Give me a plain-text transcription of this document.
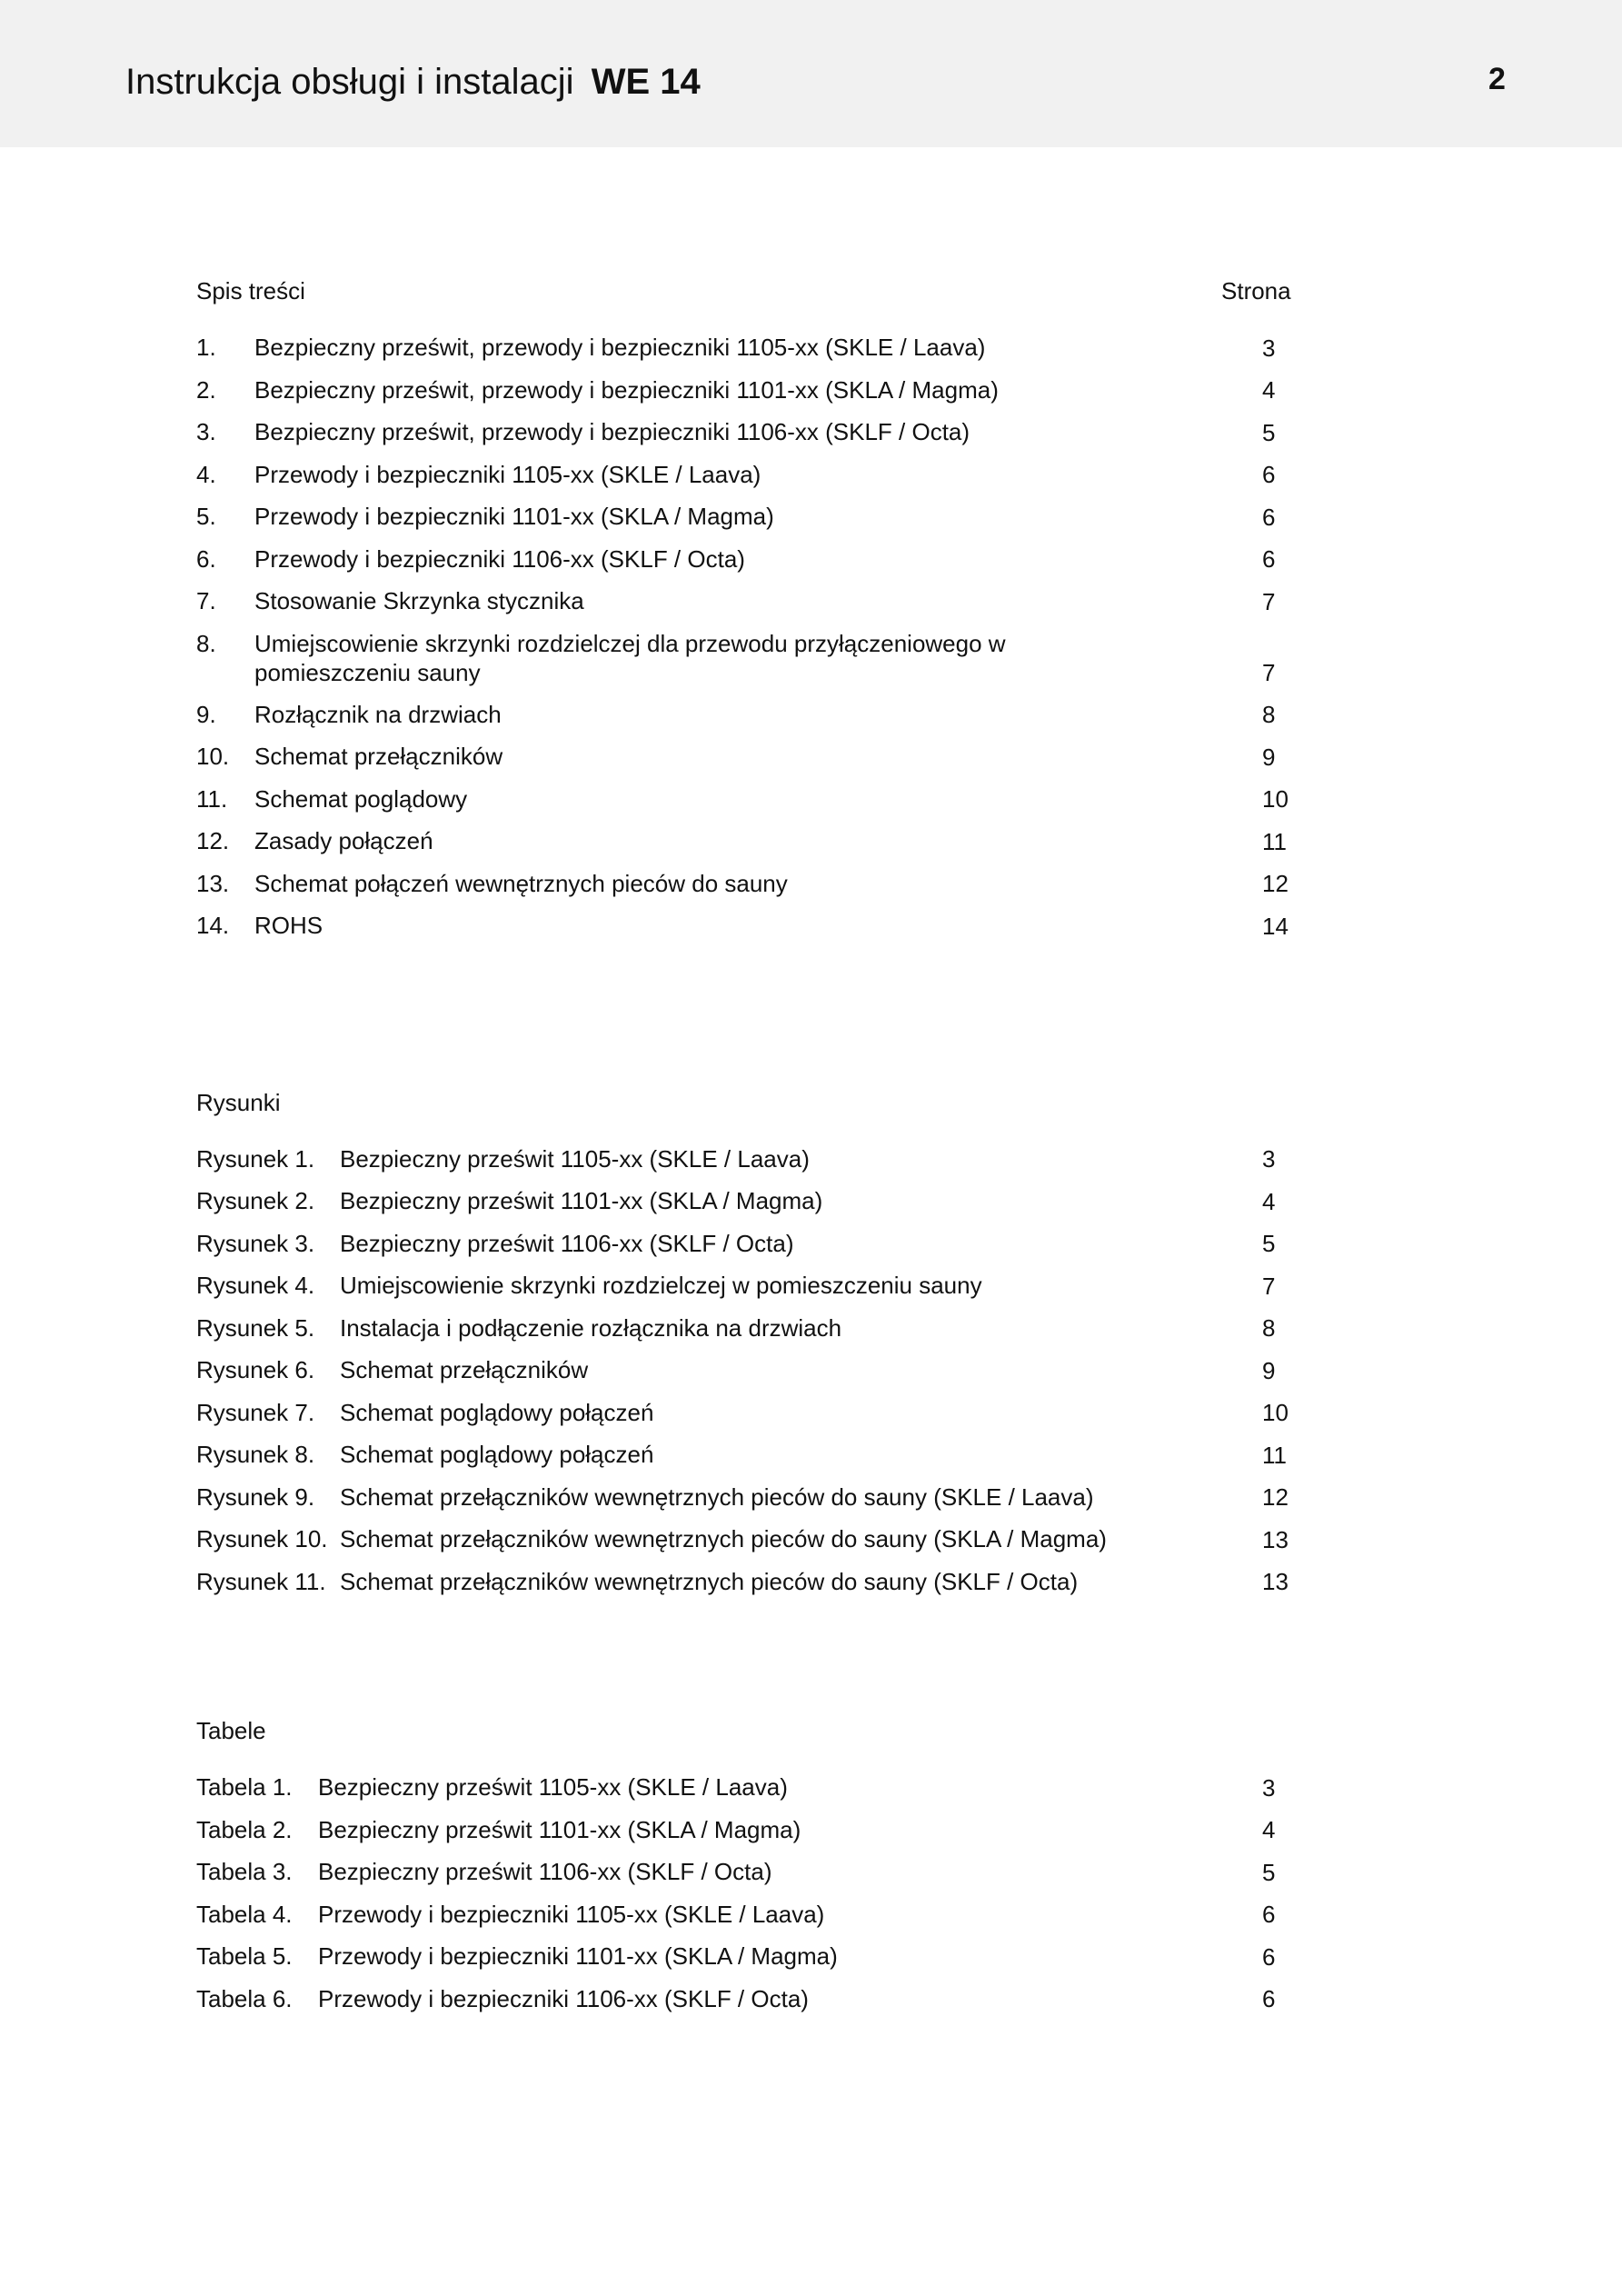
Instrukcja obsługi i instalacji WE 14	2
Spis treści	Strona
1. Bezpieczny prześwit, przewody i bezpieczniki 1105-xx (SKLE / Laava)	3
2. Bezpieczny prześwit, przewody i bezpieczniki 1101-xx (SKLA / Magma)	4
3. Bezpieczny prześwit, przewody i bezpieczniki 1106-xx (SKLF / Octa)	5
4. Przewody i bezpieczniki 1105-xx (SKLE / Laava)	6
5. Przewody i bezpieczniki 1101-xx (SKLA / Magma)	6
6. Przewody i bezpieczniki 1106-xx (SKLF / Octa)	6
7. Stosowanie Skrzynka stycznika	7
8. Umiejscowienie skrzynki rozdzielczej dla przewodu przyłączeniowego w pomieszczeniu sauny	7
9. Rozłącznik na drzwiach	8
10. Schemat przełączników	9
11. Schemat poglądowy	10
12. Zasady połączeń	11
13. Schemat połączeń wewnętrznych pieców do sauny	12
14. ROHS	14
Rysunki
Rysunek 1. Bezpieczny prześwit 1105-xx (SKLE / Laava)	3
Rysunek 2. Bezpieczny prześwit 1101-xx (SKLA / Magma)	4
Rysunek 3. Bezpieczny prześwit 1106-xx (SKLF / Octa)	5
Rysunek 4. Umiejscowienie skrzynki rozdzielczej w pomieszczeniu sauny	7
Rysunek 5. Instalacja i podłączenie rozłącznika na drzwiach	8
Rysunek 6. Schemat przełączników	9
Rysunek 7. Schemat poglądowy połączeń	10
Rysunek 8. Schemat poglądowy połączeń	11
Rysunek 9. Schemat przełączników wewnętrznych pieców do sauny (SKLE / Laava)	12
Rysunek 10. Schemat przełączników wewnętrznych pieców do sauny (SKLA / Magma)	13
Rysunek 11. Schemat przełączników wewnętrznych pieców do sauny (SKLF / Octa)	13
Tabele
Tabela 1. Bezpieczny prześwit 1105-xx (SKLE / Laava)	3
Tabela 2. Bezpieczny prześwit 1101-xx (SKLA / Magma)	4
Tabela 3. Bezpieczny prześwit 1106-xx (SKLF / Octa)	5
Tabela 4. Przewody i bezpieczniki 1105-xx (SKLE / Laava)	6
Tabela 5. Przewody i bezpieczniki 1101-xx (SKLA / Magma)	6
Tabela 6. Przewody i bezpieczniki 1106-xx (SKLF / Octa)	6
